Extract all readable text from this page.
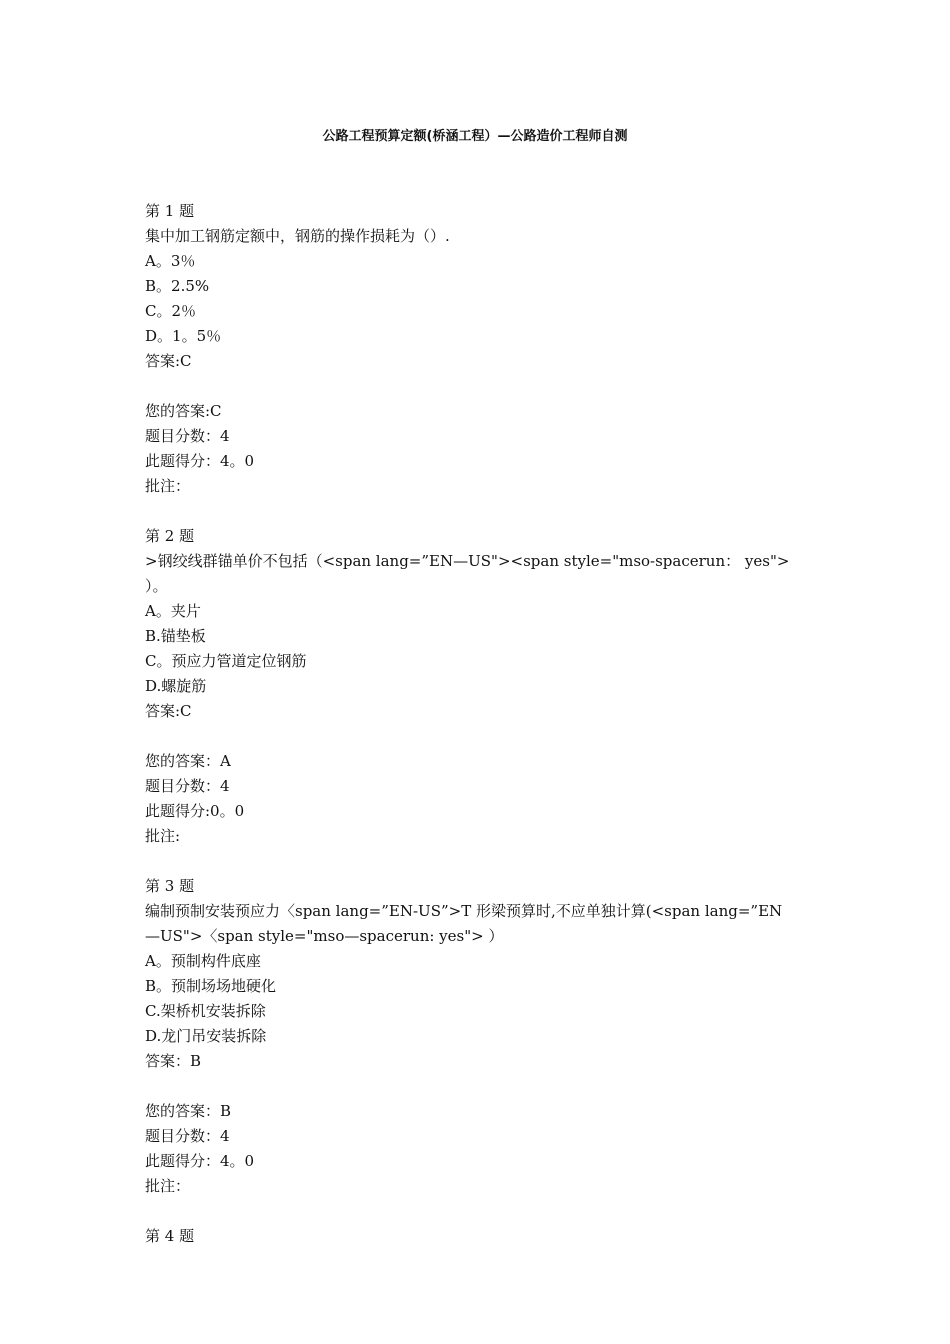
公路工程预算定额(桥涵工程）—公路造价工程师自测
第 1 题
集中加工钢筋定额中，钢筋的操作损耗为（）.
A。3％
B。2.5%
C。2％
D。1。5％
答案:C
您的答案:C
题目分数：4
此题得分：4。0
批注：
第 2 题
>钢绞线群锚单价不包括（<span lang=”EN—US"><span style="mso-spacerun： yes"> ）。
A。夹片
B.锚垫板
C。预应力管道定位钢筋
D.螺旋筋
答案:C
您的答案：A
题目分数：4
此题得分:0。0
批注:
第 3 题
编制预制安装预应力〈span lang=”EN-US”>T 形梁预算时,不应单独计算(<span lang=”EN
—US">〈span style="mso—spacerun: yes"> ）
A。预制构件底座
B。预制场场地硬化
C.架桥机安装拆除
D.龙门吊安装拆除
答案：B
您的答案：B
题目分数：4
此题得分：4。0
批注：
第 4 题
